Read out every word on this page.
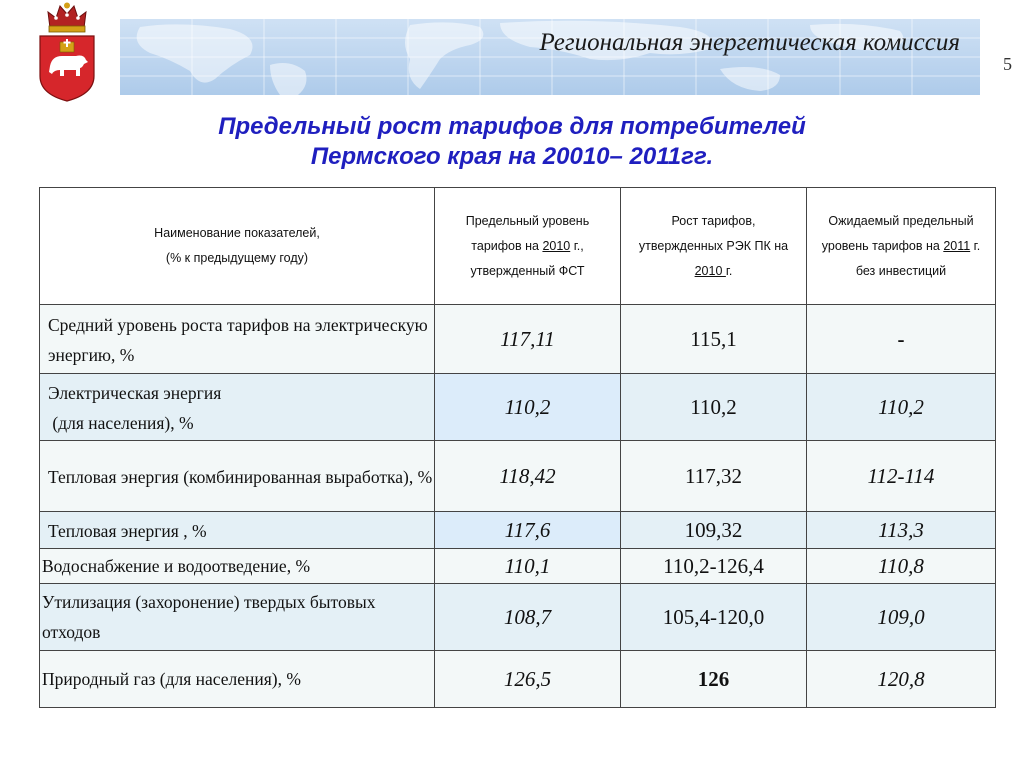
Региональная энергетическая комиссия
5
Предельный рост тарифов для потребителей
Пермского края на 20010– 2011гг.
Наименование показателей,
(% к предыдущему году)	Предельный уровень тарифов на 2010 г., утвержденный ФСТ	Рост тарифов, утвержденных РЭК ПК на 2010 г.	Ожидаемый предельный уровень тарифов на 2011 г. без инвестиций
Средний уровень роста тарифов на электрическую энергию, %	117,11	115,1	-

Электрическая энергия
(для населения), %	110,2	110,2	110,2
Тепловая энергия (комбинированная выработка), %	118,42	117,32	112-114
Тепловая энергия , %	117,6	109,32	113,3
Водоснабжение и водоотведение, %	110,1	110,2-126,4	110,8
Утилизация (захоронение) твердых бытовых отходов	108,7	105,4-120,0	109,0
Природный газ (для населения), %	126,5	126	120,8
